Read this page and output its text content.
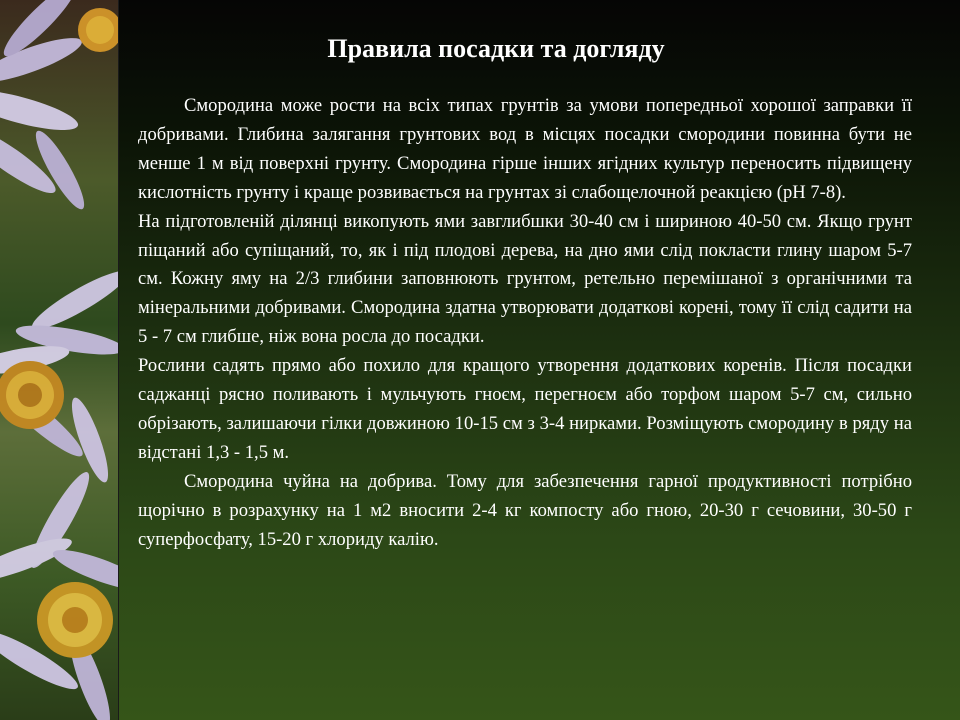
Правила посадки та догляду

Смородина може рости на всіх типах грунтів за умови попередньої хорошої заправки її добривами. Глибина залягання грунтових вод в місцях посадки смородини повинна бути не менше 1 м від поверхні грунту. Смородина гірше інших ягідних культур переносить підвищену кислотність грунту і краще розвивається на грунтах зі слабощелочной реакцією (pH 7-8).

На підготовленій ділянці викопують ями завглибшки 30-40 см і шириною 40-50 см. Якщо грунт піщаний або супіщаний, то, як і під плодові дерева, на дно ями слід покласти глину шаром 5-7 см. Кожну яму на 2/3 глибини заповнюють грунтом, ретельно перемішаної з органічними та мінеральними добривами. Смородина здатна утворювати додаткові корені, тому її слід садити на 5 - 7 см глибше, ніж вона росла до посадки.

Рослини садять прямо або похило для кращого утворення додаткових коренів. Після посадки саджанці рясно поливають і мульчують гноєм, перегноєм або торфом шаром 5-7 см, сильно обрізають, залишаючи гілки довжиною 10-15 см з 3-4 нирками. Розміщують смородину в ряду на відстані 1,3 - 1,5 м.

Смородина чуйна на добрива. Тому для забезпечення гарної продуктивності потрібно щорічно в розрахунку на 1 м2 вносити 2-4 кг компосту або гною, 20-30 г сечовини, 30-50 г суперфосфату, 15-20 г хлориду калію.
